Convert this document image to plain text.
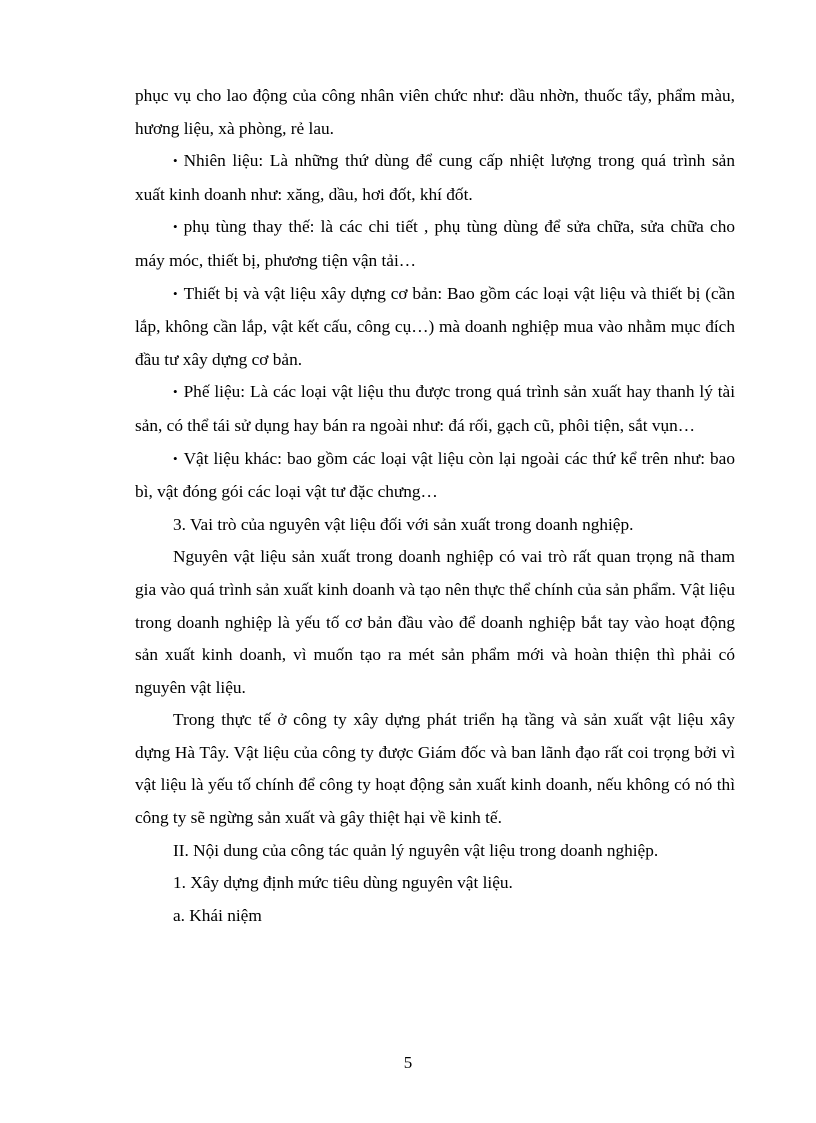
phục vụ cho lao động của công nhân viên chức như: dầu nhờn, thuốc tẩy, phẩm màu, hương liệu, xà phòng, rẻ lau.

• Nhiên liệu: Là những thứ dùng để cung cấp nhiệt lượng trong quá trình sản xuất kinh doanh như: xăng, dầu, hơi đốt, khí đốt.

• phụ tùng thay thế: là các chi tiết , phụ tùng dùng để sửa chữa, sửa chữa cho máy móc, thiết bị, phương tiện vận tải…

• Thiết bị và vật liệu xây dựng cơ bản: Bao gồm các loại vật liệu và thiết bị (cần lắp, không cần lắp, vật kết cấu, công cụ…) mà doanh nghiệp mua vào nhằm mục đích đầu tư xây dựng cơ bản.

• Phế liệu: Là các loại vật liệu thu được trong quá trình sản xuất hay thanh lý tài sản, có thể tái sử dụng hay bán ra ngoài như: đá rối, gạch cũ, phôi tiện, sắt vụn…

• Vật liệu khác: bao gồm các loại vật liệu còn lại ngoài các thứ kể trên như: bao bì, vật đóng gói các loại vật tư đặc chưng…

3. Vai trò của nguyên vật liệu đối với sản xuất trong doanh nghiệp.

Nguyên vật liệu sản xuất trong doanh nghiệp có vai trò rất quan trọng nã tham gia vào quá trình sản xuất kinh doanh và tạo nên thực thể chính của sản phẩm. Vật liệu trong doanh nghiệp là yếu tố cơ bản đầu vào để doanh nghiệp bắt tay vào hoạt động sản xuất kinh doanh, vì muốn tạo ra mét sản phẩm mới và hoàn thiện thì phải có nguyên vật liệu.

Trong thực tế ở công ty xây dựng phát triển hạ tầng và sản xuất vật liệu xây dựng Hà Tây. Vật liệu của công ty được Giám đốc và ban lãnh đạo rất coi trọng bởi vì vật liệu là yếu tố chính để công ty hoạt động sản xuất kinh doanh, nếu không có nó thì công ty sẽ ngừng sản xuất và gây thiệt hại về kinh tế.

II. Nội dung của công tác quản lý nguyên vật liệu trong doanh nghiệp.

1. Xây dựng định mức tiêu dùng nguyên vật liệu.

a. Khái niệm

5
